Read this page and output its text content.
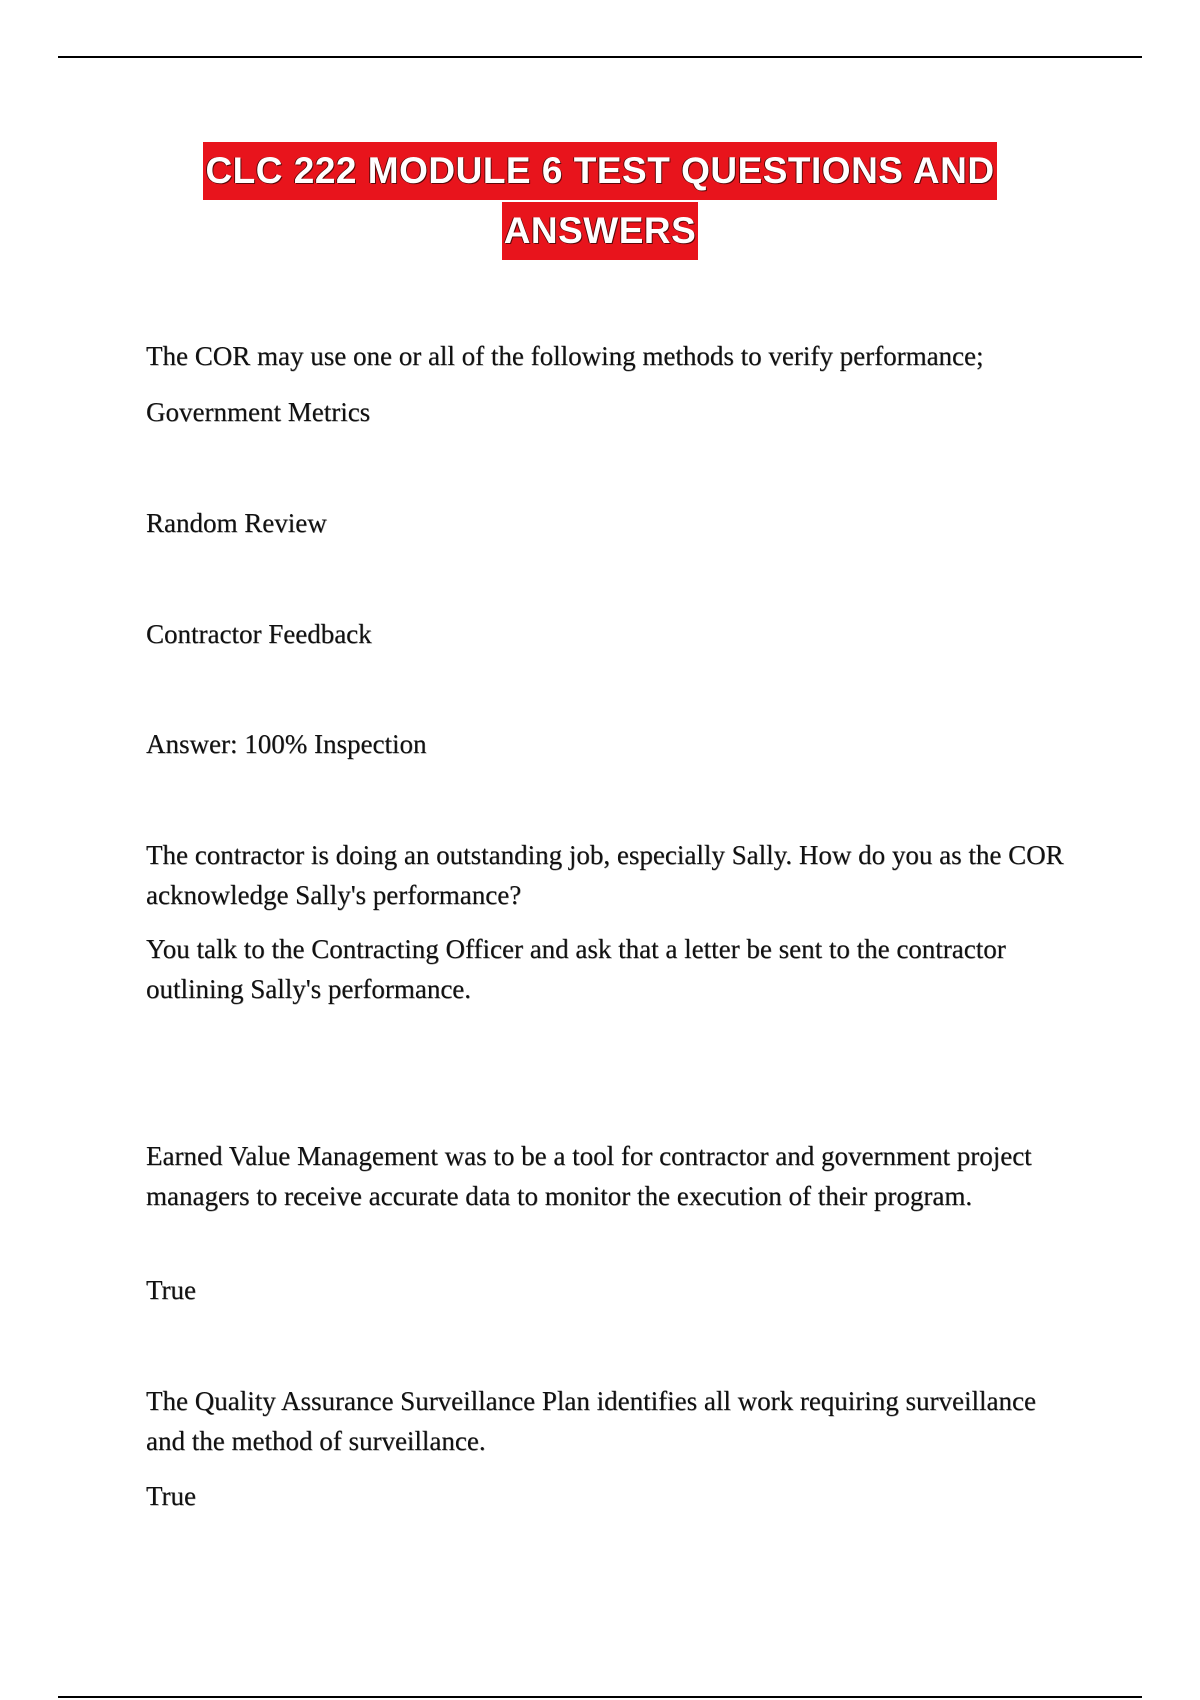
CLC 222 MODULE 6 TEST QUESTIONS AND
ANSWERS

The COR may use one or all of the following methods to verify performance;

Government Metrics

Random Review

Contractor Feedback

Answer: 100% Inspection

The contractor is doing an outstanding job, especially Sally. How do you as the COR acknowledge Sally's performance?

You talk to the Contracting Officer and ask that a letter be sent to the contractor outlining Sally's performance.

Earned Value Management was to be a tool for contractor and government project managers to receive accurate data to monitor the execution of their program.

True

The Quality Assurance Surveillance Plan identifies all work requiring surveillance and the method of surveillance.

True
